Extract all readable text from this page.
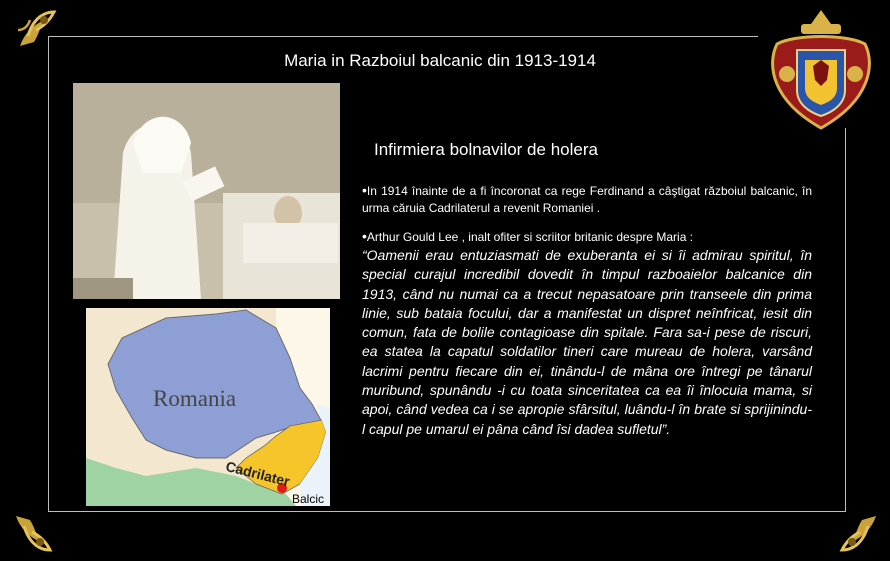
Maria in Razboiul balcanic din 1913-1914
Romania
Cadrilater
Balcic
Infirmiera bolnavilor de holera
•In 1914 înainte de a fi încoronat ca rege Ferdinand a câştigat războiul balcanic, în urma căruia Cadrilaterul a revenit Romaniei .
•Arthur Gould Lee , inalt ofiter si scriitor britanic despre Maria :
“Oamenii erau entuziasmati de exuberanta ei si îi admirau spiritul, în special curajul incredibil dovedit în timpul razboaielor balcanice din 1913, când nu numai ca a trecut nepasatoare prin transeele din prima linie, sub bataia focului, dar a manifestat un dispret neînfricat, iesit din comun, fata de bolile contagioase din spitale. Fara sa-i pese de riscuri, ea statea la capatul soldatilor tineri care mureau de holera, varsând lacrimi pentru fiecare din ei, tinându-l de mâna ore întregi pe tânarul muribund, spunându -i cu toata sinceritatea ca ea îi înlocuia mama, si apoi, când vedea ca i se apropie sfârsitul, luându-l în brate si sprijinindu-l capul pe umarul ei pâna când îsi dadea sufletul”.
